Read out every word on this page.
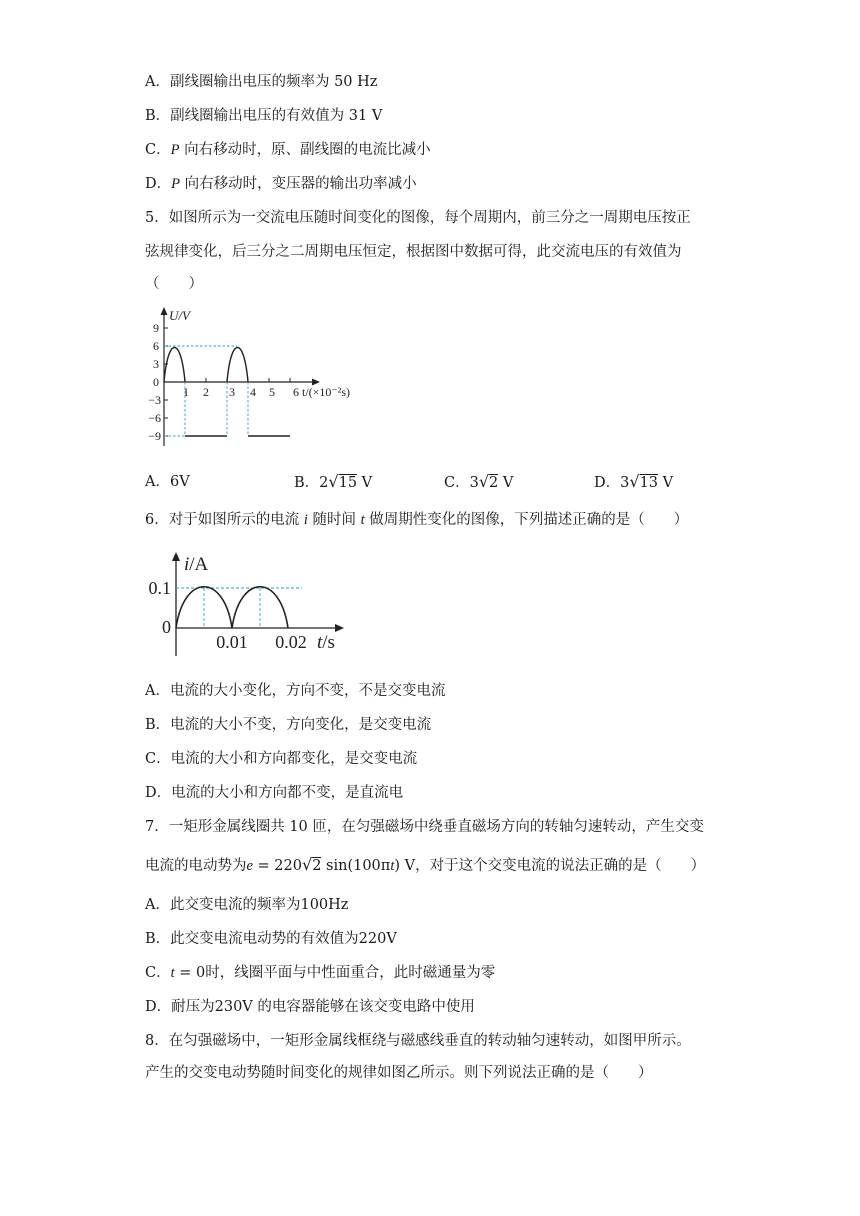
A．副线圈输出电压的频率为 50 Hz
B．副线圈输出电压的有效值为 31 V
C．P 向右移动时，原、副线圈的电流比减小
D．P 向右移动时，变压器的输出功率减小
5．如图所示为一交流电压随时间变化的图像，每个周期内，前三分之一周期电压按正
弦规律变化，后三分之二周期电压恒定，根据图中数据可得，此交流电压的有效值为
（　　）
U/V
9
6
3
0
−3
−6
−9
1 2 3 4 5 6 t/(×10⁻²s)
A．6V	B．2√15 V	C．3√2 V	D．3√13 V
6．对于如图所示的电流 i 随时间 t 做周期性变化的图像，下列描述正确的是（　　）
i/A
0.1
0
0.01 0.02 t/s
A．电流的大小变化，方向不变，不是交变电流
B．电流的大小不变，方向变化，是交变电流
C．电流的大小和方向都变化，是交变电流
D．电流的大小和方向都不变，是直流电
7．一矩形金属线圈共 10 匝，在匀强磁场中绕垂直磁场方向的转轴匀速转动，产生交变
电流的电动势为e = 220√2 sin(100πt) V，对于这个交变电流的说法正确的是（　　）
A．此交变电流的频率为100Hz
B．此交变电流电动势的有效值为220V
C．t = 0时，线圈平面与中性面重合，此时磁通量为零
D．耐压为230V 的电容器能够在该交变电路中使用
8．在匀强磁场中，一矩形金属线框绕与磁感线垂直的转动轴匀速转动，如图甲所示。
产生的交变电动势随时间变化的规律如图乙所示。则下列说法正确的是（　　）
